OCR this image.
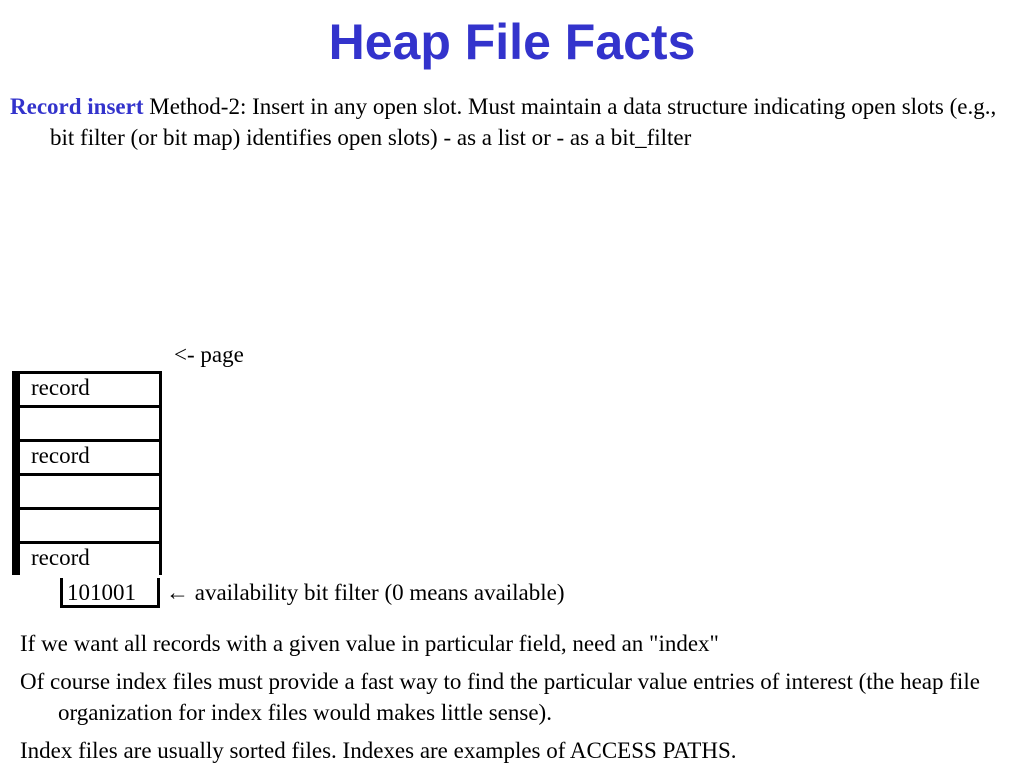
Heap File Facts
Record insert Method-2: Insert in any open slot. Must maintain a data structure indicating open slots (e.g., bit filter (or bit map) identifies open slots) - as a list or - as a bit_filter
<- page
record
record
record
101001 ← availability bit filter (0 means available)
If we want all records with a given value in particular field, need an "index"
Of course index files must provide a fast way to find the particular value entries of interest (the heap file organization for index files would makes little sense).
Index files are usually sorted files. Indexes are examples of ACCESS PATHS.
